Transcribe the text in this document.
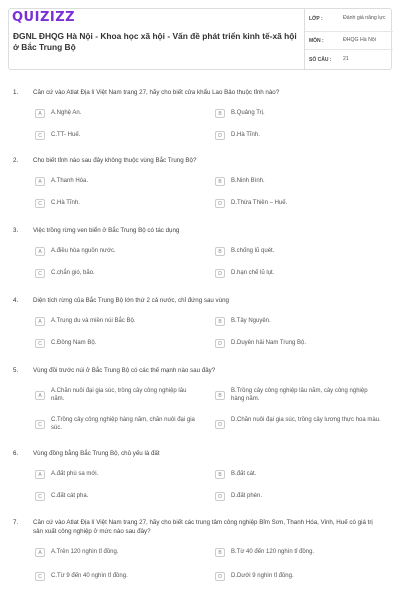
QUIZIZZ
ĐGNL ĐHQG Hà Nội - Khoa học xã hội - Vấn đề phát triển kinh tế-xã hội ở Bắc Trung Bộ
LỚP :	Đánh giá năng lực
MÔN :	ĐHQG Hà Nội
SỐ CÂU : 21
1. Căn cứ vào Atlat Địa lí Việt Nam trang 27, hãy cho biết cửa khẩu Lao Bảo thuộc tỉnh nào?
A	A.Nghệ An.	B	B.Quảng Trị.
C	C.TT- Huế.	D	D.Hà Tĩnh.
2. Cho biết tỉnh nào sau đây không thuộc vùng Bắc Trung Bộ?
A	A.Thanh Hóa.	B	B.Ninh Bình.
C	C.Hà Tĩnh.	D	D.Thừa Thiên – Huế.
3. Việc trồng rừng ven biển ở Bắc Trung Bộ có tác dụng
A	A.điều hòa nguồn nước.	B	B.chống lũ quét.
C	C.chắn gió, bão.	D	D.hạn chế lũ lụt.
4. Diện tích rừng của Bắc Trung Bộ lớn thứ 2 cả nước, chỉ đứng sau vùng
A	A.Trung du và miền núi Bắc Bộ.	B	B.Tây Nguyên.
C	C.Đông Nam Bộ.	D	D.Duyên hải Nam Trung Bộ.
5. Vùng đồi trước núi ở Bắc Trung Bộ có các thế mạnh nào sau đây?
A
A.Chăn nuôi đại gia súc, trồng cây công nghiệp lâu năm.	B
B.Trồng cây công nghiệp lâu năm, cây công nghiệp hàng năm.
C
C.Trồng cây công nghiệp hàng năm, chăn nuôi đại gia súc.	D
D.Chăn nuôi đại gia súc, trồng cây lương thực hoa màu.
6. Vùng đồng bằng Bắc Trung Bộ, chủ yếu là đất
A	A.đất phù sa mới.	B	B.đất cát.
C	C.đất cát pha.	D	D.đất phèn.
7. Căn cứ vào Atlat Địa lí Việt Nam trang 27, hãy cho biết các trung tâm công nghiệp Bỉm Sơn, Thanh Hóa, Vinh, Huế có giá trị sản xuất công nghiệp ở mức nào sau đây?
A	A.Trên 120 nghìn tỉ đồng.	B	B.Từ 40 đến 120 nghìn tỉ đồng.
C	C.Từ 9 đến 40 nghìn tỉ đồng.	D	D.Dưới 9 nghìn tỉ đồng.
